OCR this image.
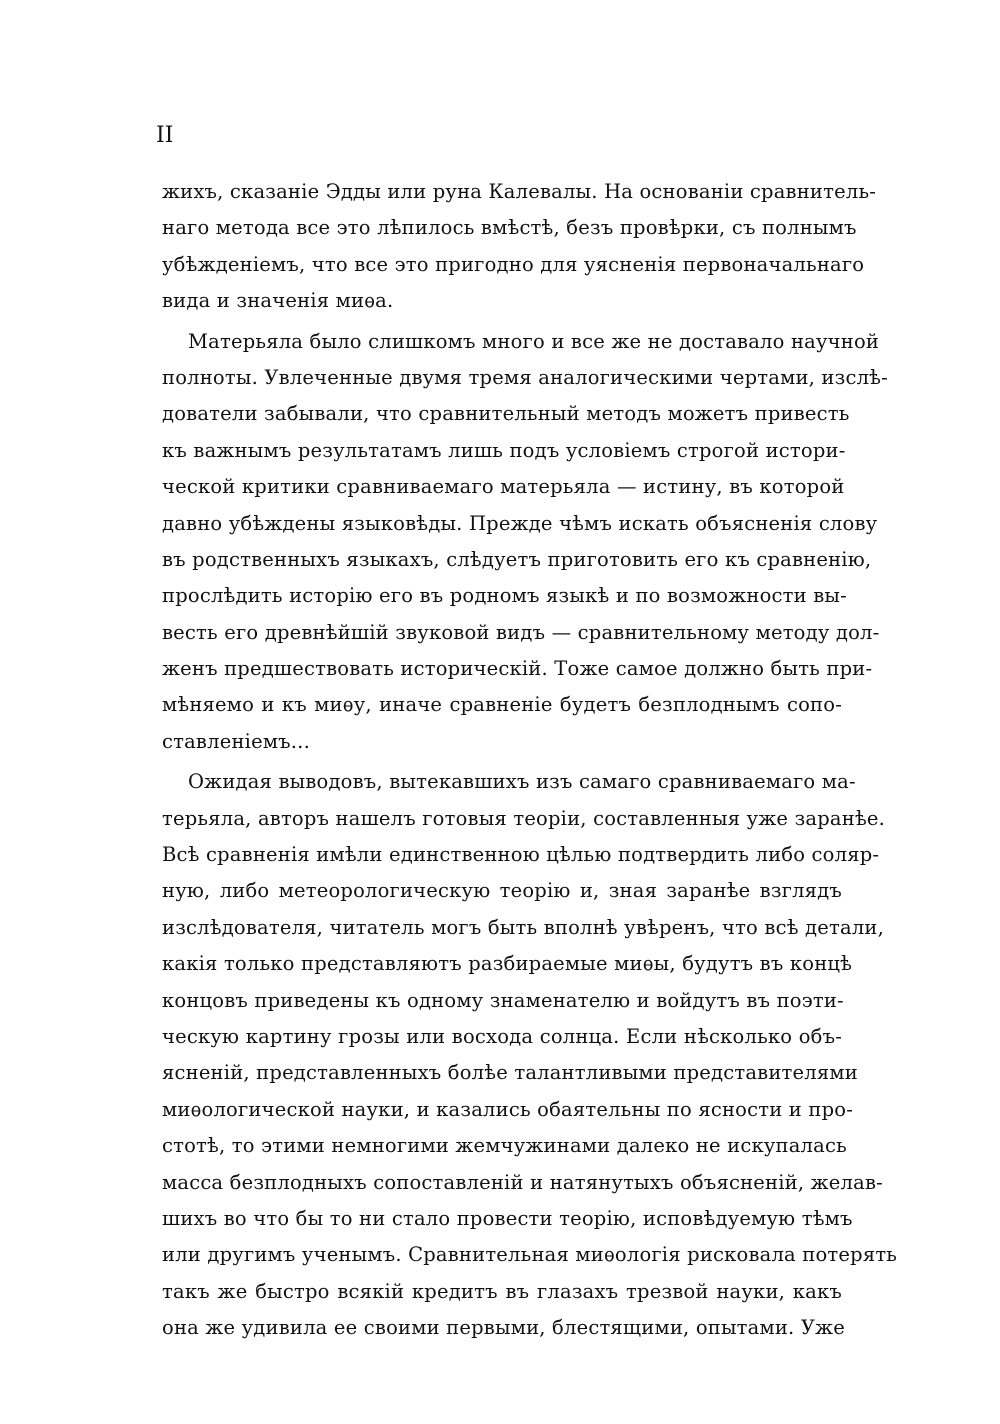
II
жихъ, сказаніе Эдды или руна Калевалы. На основаніи сравнитель-
наго метода все это лѣпилось вмѣстѣ, безъ провѣрки, съ полнымъ
убѣжденіемъ, что все это пригодно для уясненія первоначальнаго
вида и значенія миѳа.
Матерьяла было слишкомъ много и все же не доставало научной
полноты. Увлеченные двумя тремя аналогическими чертами, изслѣ-
дователи забывали, что сравнительный методъ можетъ привесть
къ важнымъ результатамъ лишь подъ условіемъ строгой истори-
ческой критики сравниваемаго матерьяла — истину, въ которой
давно убѣждены языковѣды. Прежде чѣмъ искать объясненія слову
въ родственныхъ языкахъ, слѣдуетъ приготовить его къ сравненію,
прослѣдить исторію его въ родномъ языкѣ и по возможности вы-
весть его древнѣйшій звуковой видъ — сравнительному методу дол-
женъ предшествовать историческій. Тоже самое должно быть при-
мѣняемо и къ миѳу, иначе сравненіе будетъ безплоднымъ сопо-
ставленіемъ...
Ожидая выводовъ, вытекавшихъ изъ самаго сравниваемаго ма-
терьяла, авторъ нашелъ готовыя теоріи, составленныя уже заранѣе.
Всѣ сравненія имѣли единственною цѣлью подтвердить либо соляр-
ную, либо метеорологическую теорію и, зная заранѣе взглядъ
изслѣдователя, читатель могъ быть вполнѣ увѣренъ, что всѣ детали,
какія только представляютъ разбираемые миѳы, будутъ въ концѣ
концовъ приведены къ одному знаменателю и войдутъ въ поэти-
ческую картину грозы или восхода солнца. Если нѣсколько объ-
ясненій, представленныхъ болѣе талантливыми представителями
миѳологической науки, и казались обаятельны по ясности и про-
стотѣ, то этими немногими жемчужинами далеко не искупалась
масса безплодныхъ сопоставленій и натянутыхъ объясненій, желав-
шихъ во что бы то ни стало провести теорію, исповѣдуемую тѣмъ
или другимъ ученымъ. Сравнительная миѳологія рисковала потерять
такъ же быстро всякій кредитъ въ глазахъ трезвой науки, какъ
она же удивила ее своими первыми, блестящими, опытами. Уже
